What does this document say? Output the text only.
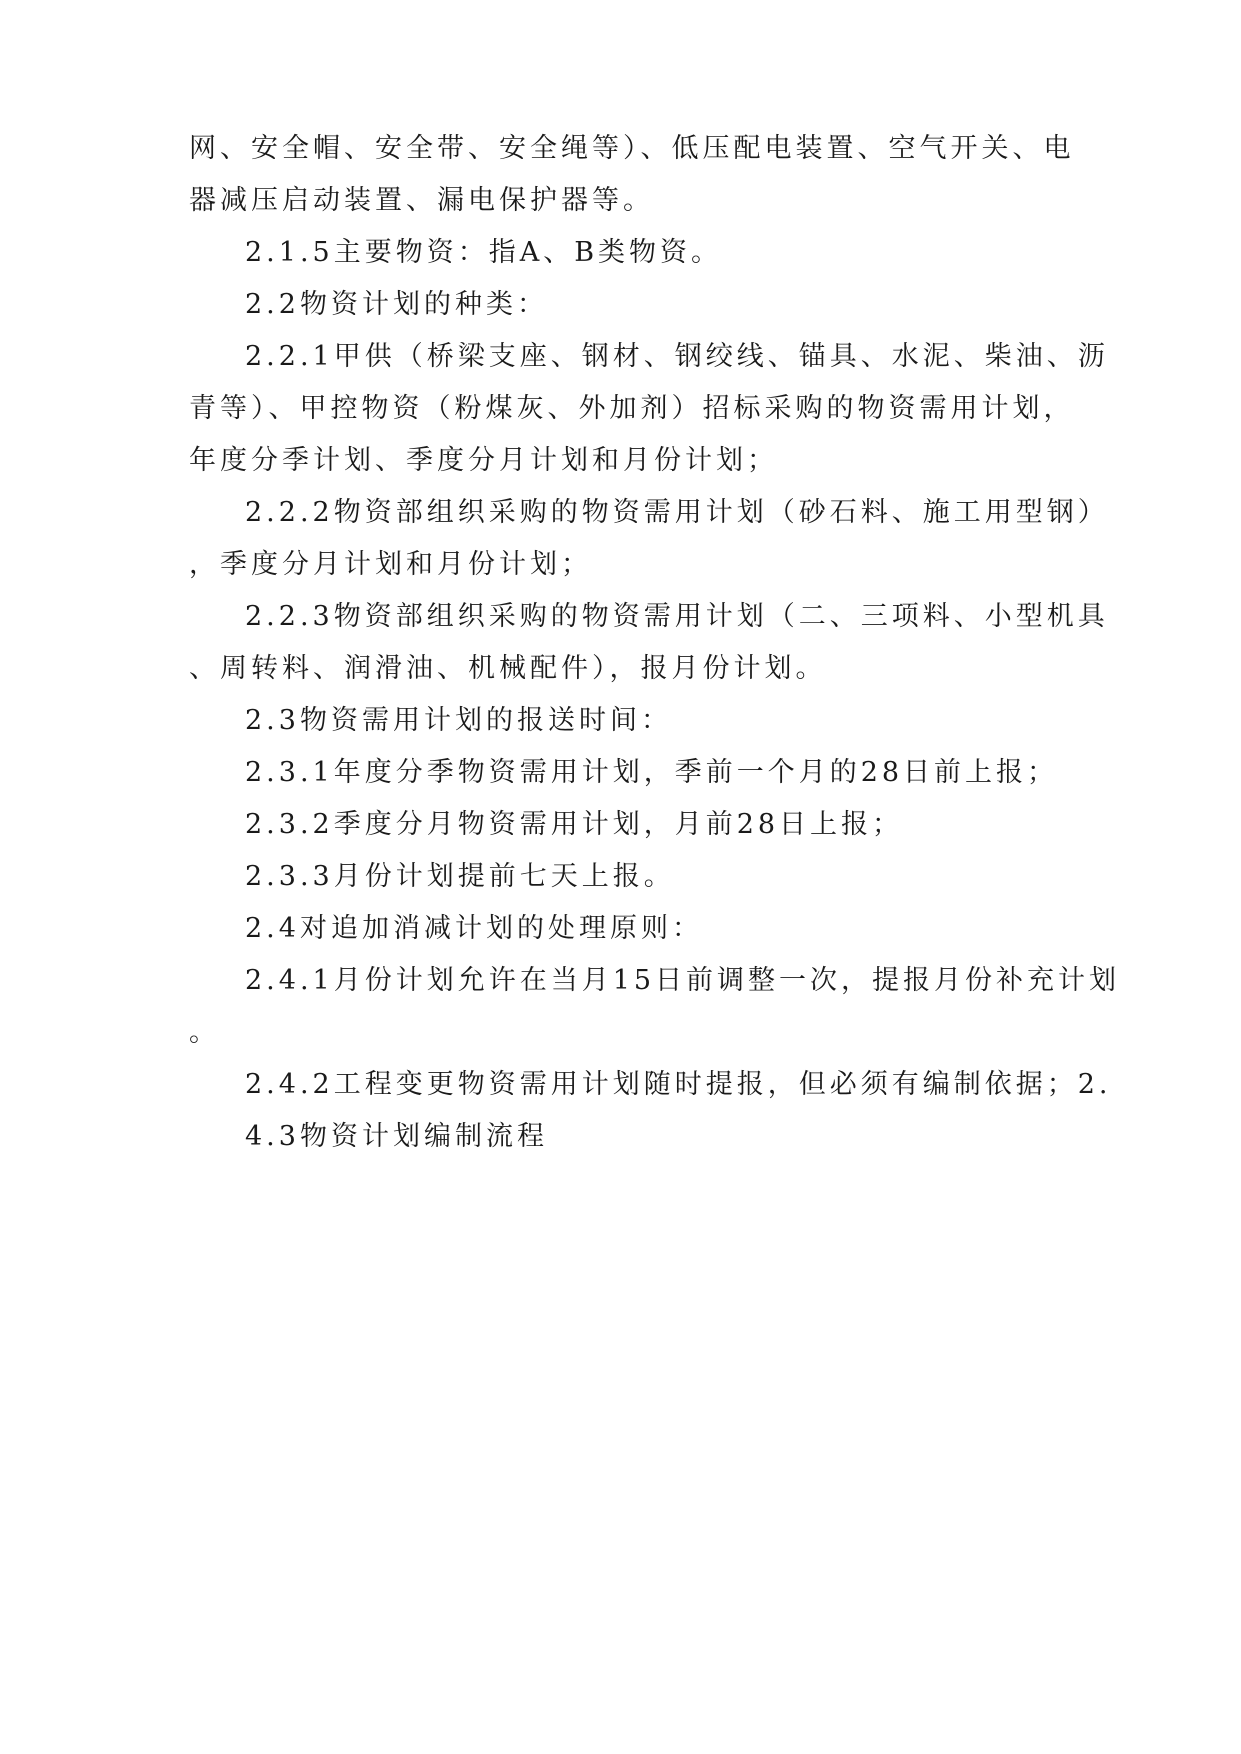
网、安全帽、安全带、安全绳等）、低压配电装置、空气开关、电
器减压启动装置、漏电保护器等。
2.1.5主要物资：指A、B类物资。
2.2物资计划的种类：
2.2.1甲供（桥梁支座、钢材、钢绞线、锚具、水泥、柴油、沥
青等）、甲控物资（粉煤灰、外加剂）招标采购的物资需用计划，
年度分季计划、季度分月计划和月份计划；
2.2.2物资部组织采购的物资需用计划（砂石料、施工用型钢）
，季度分月计划和月份计划；
2.2.3物资部组织采购的物资需用计划（二、三项料、小型机具
、周转料、润滑油、机械配件），报月份计划。
2.3物资需用计划的报送时间：
2.3.1年度分季物资需用计划，季前一个月的28日前上报；
2.3.2季度分月物资需用计划，月前28日上报；
2.3.3月份计划提前七天上报。
2.4对追加消减计划的处理原则：
2.4.1月份计划允许在当月15日前调整一次，提报月份补充计划
。
2.4.2工程变更物资需用计划随时提报，但必须有编制依据；2.
4.3物资计划编制流程
